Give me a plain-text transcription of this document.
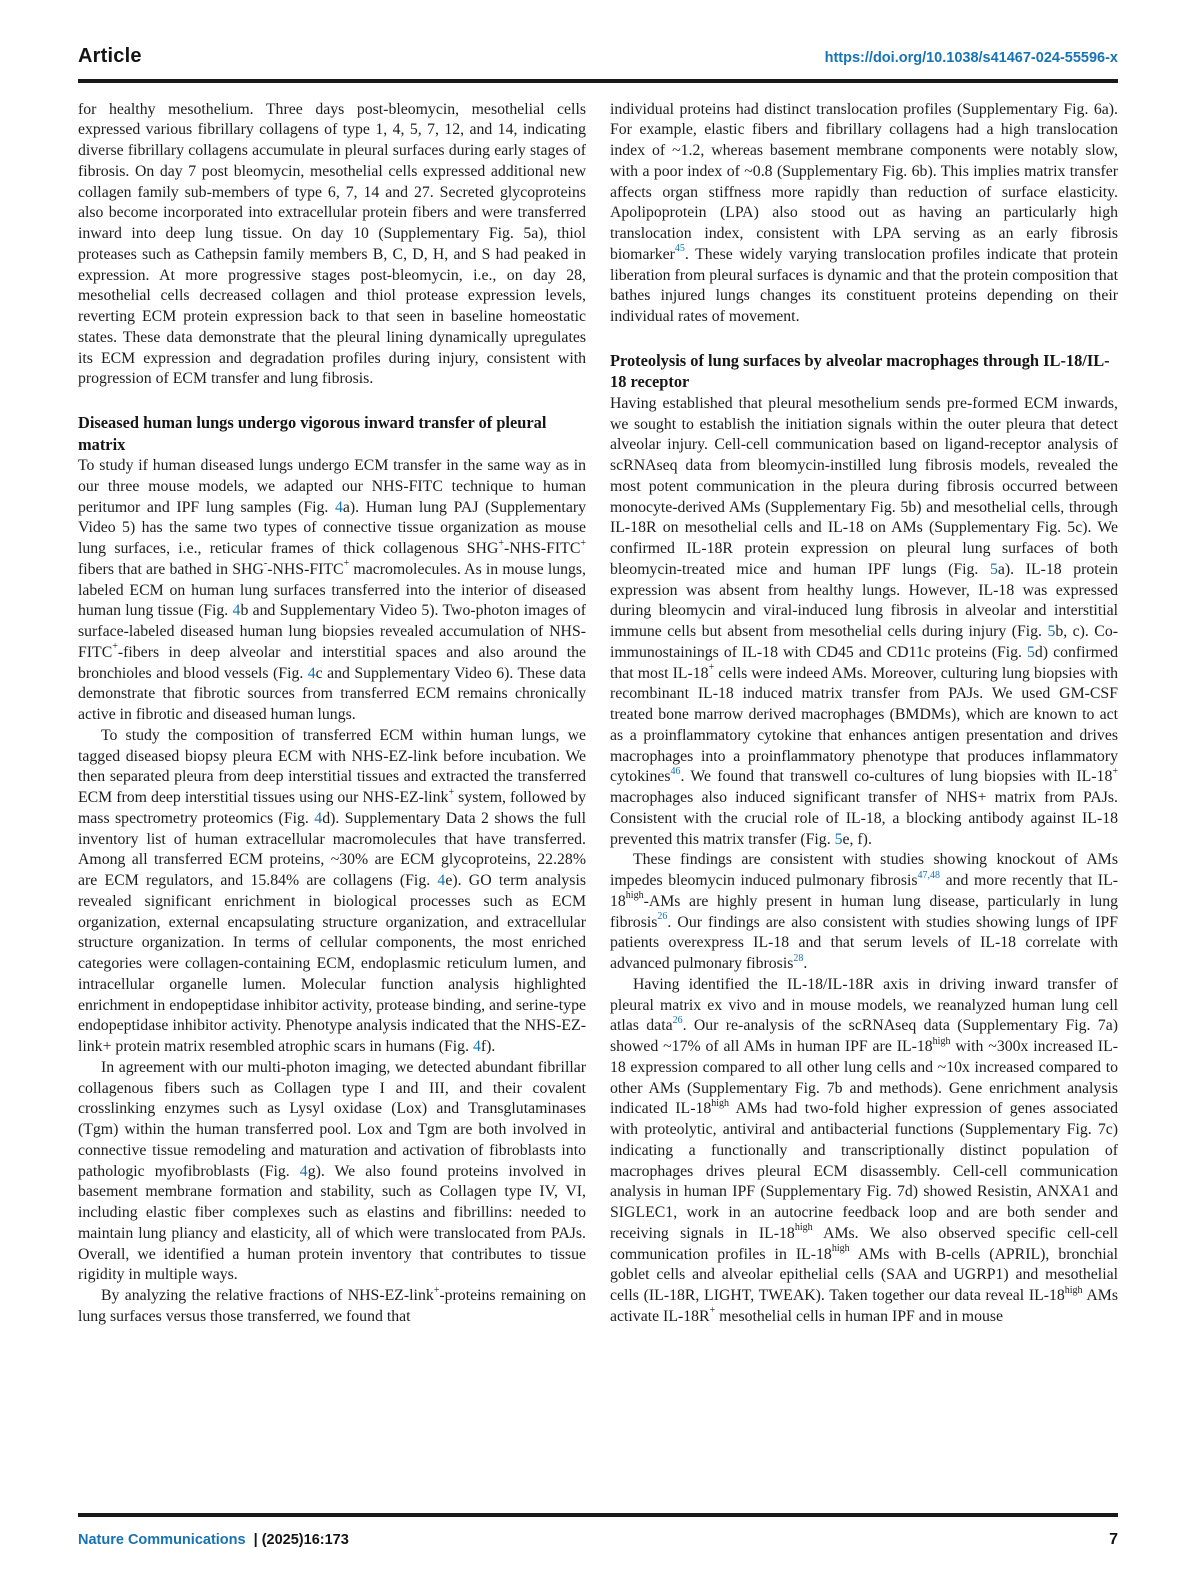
Article	https://doi.org/10.1038/s41467-024-55596-x

for healthy mesothelium. Three days post-bleomycin, mesothelial cells expressed various fibrillary collagens of type 1, 4, 5, 7, 12, and 14, indicating diverse fibrillary collagens accumulate in pleural surfaces during early stages of fibrosis. On day 7 post bleomycin, mesothelial cells expressed additional new collagen family sub-members of type 6, 7, 14 and 27. Secreted glycoproteins also become incorporated into extracellular protein fibers and were transferred inward into deep lung tissue. On day 10 (Supplementary Fig. 5a), thiol proteases such as Cathepsin family members B, C, D, H, and S had peaked in expression. At more progressive stages post-bleomycin, i.e., on day 28, mesothelial cells decreased collagen and thiol protease expression levels, reverting ECM protein expression back to that seen in baseline homeostatic states. These data demonstrate that the pleural lining dynamically upregulates its ECM expression and degradation profiles during injury, consistent with progression of ECM transfer and lung fibrosis.

Diseased human lungs undergo vigorous inward transfer of pleural matrix

To study if human diseased lungs undergo ECM transfer in the same way as in our three mouse models, we adapted our NHS-FITC technique to human peritumor and IPF lung samples (Fig. 4a). Human lung PAJ (Supplementary Video 5) has the same two types of connective tissue organization as mouse lung surfaces, i.e., reticular frames of thick collagenous SHG+-NHS-FITC+ fibers that are bathed in SHG--NHS-FITC+ macromolecules. As in mouse lungs, labeled ECM on human lung surfaces transferred into the interior of diseased human lung tissue (Fig. 4b and Supplementary Video 5). Two-photon images of surface-labeled diseased human lung biopsies revealed accumulation of NHS-FITC+-fibers in deep alveolar and interstitial spaces and also around the bronchioles and blood vessels (Fig. 4c and Supplementary Video 6). These data demonstrate that fibrotic sources from transferred ECM remains chronically active in fibrotic and diseased human lungs.

To study the composition of transferred ECM within human lungs, we tagged diseased biopsy pleura ECM with NHS-EZ-link before incubation. We then separated pleura from deep interstitial tissues and extracted the transferred ECM from deep interstitial tissues using our NHS-EZ-link+ system, followed by mass spectrometry proteomics (Fig. 4d). Supplementary Data 2 shows the full inventory list of human extracellular macromolecules that have transferred. Among all transferred ECM proteins, ~30% are ECM glycoproteins, 22.28% are ECM regulators, and 15.84% are collagens (Fig. 4e). GO term analysis revealed significant enrichment in biological processes such as ECM organization, external encapsulating structure organization, and extracellular structure organization. In terms of cellular components, the most enriched categories were collagen-containing ECM, endoplasmic reticulum lumen, and intracellular organelle lumen. Molecular function analysis highlighted enrichment in endopeptidase inhibitor activity, protease binding, and serine-type endopeptidase inhibitor activity. Phenotype analysis indicated that the NHS-EZ-link+ protein matrix resembled atrophic scars in humans (Fig. 4f).

In agreement with our multi-photon imaging, we detected abundant fibrillar collagenous fibers such as Collagen type I and III, and their covalent crosslinking enzymes such as Lysyl oxidase (Lox) and Transglutaminases (Tgm) within the human transferred pool. Lox and Tgm are both involved in connective tissue remodeling and maturation and activation of fibroblasts into pathologic myofibroblasts (Fig. 4g). We also found proteins involved in basement membrane formation and stability, such as Collagen type IV, VI, including elastic fiber complexes such as elastins and fibrillins: needed to maintain lung pliancy and elasticity, all of which were translocated from PAJs. Overall, we identified a human protein inventory that contributes to tissue rigidity in multiple ways.

By analyzing the relative fractions of NHS-EZ-link+-proteins remaining on lung surfaces versus those transferred, we found that

individual proteins had distinct translocation profiles (Supplementary Fig. 6a). For example, elastic fibers and fibrillary collagens had a high translocation index of ~1.2, whereas basement membrane components were notably slow, with a poor index of ~0.8 (Supplementary Fig. 6b). This implies matrix transfer affects organ stiffness more rapidly than reduction of surface elasticity. Apolipoprotein (LPA) also stood out as having an particularly high translocation index, consistent with LPA serving as an early fibrosis biomarker$^{45}$. These widely varying translocation profiles indicate that protein liberation from pleural surfaces is dynamic and that the protein composition that bathes injured lungs changes its constituent proteins depending on their individual rates of movement.

Proteolysis of lung surfaces by alveolar macrophages through IL-18/IL-18 receptor

Having established that pleural mesothelium sends pre-formed ECM inwards, we sought to establish the initiation signals within the outer pleura that detect alveolar injury. Cell-cell communication based on ligand-receptor analysis of scRNAseq data from bleomycin-instilled lung fibrosis models, revealed the most potent communication in the pleura during fibrosis occurred between monocyte-derived AMs (Supplementary Fig. 5b) and mesothelial cells, through IL-18R on mesothelial cells and IL-18 on AMs (Supplementary Fig. 5c). We confirmed IL-18R protein expression on pleural lung surfaces of both bleomycin-treated mice and human IPF lungs (Fig. 5a). IL-18 protein expression was absent from healthy lungs. However, IL-18 was expressed during bleomycin and viral-induced lung fibrosis in alveolar and interstitial immune cells but absent from mesothelial cells during injury (Fig. 5b, c). Co-immunostainings of IL-18 with CD45 and CD11c proteins (Fig. 5d) confirmed that most IL-18+ cells were indeed AMs. Moreover, culturing lung biopsies with recombinant IL-18 induced matrix transfer from PAJs. We used GM-CSF treated bone marrow derived macrophages (BMDMs), which are known to act as a proinflammatory cytokine that enhances antigen presentation and drives macrophages into a proinflammatory phenotype that produces inflammatory cytokines$^{46}$. We found that transwell co-cultures of lung biopsies with IL-18+ macrophages also induced significant transfer of NHS+ matrix from PAJs. Consistent with the crucial role of IL-18, a blocking antibody against IL-18 prevented this matrix transfer (Fig. 5e, f).

These findings are consistent with studies showing knockout of AMs impedes bleomycin induced pulmonary fibrosis$^{47,48}$ and more recently that $IL-18^{high}$-AMs are highly present in human lung disease, particularly in lung fibrosis$^{26}$. Our findings are also consistent with studies showing lungs of IPF patients overexpress IL-18 and that serum levels of IL-18 correlate with advanced pulmonary fibrosis$^{28}$.

Having identified the IL-18/IL-18R axis in driving inward transfer of pleural matrix ex vivo and in mouse models, we reanalyzed human lung cell atlas data$^{26}$. Our re-analysis of the scRNAseq data (Supplementary Fig. 7a) showed ~17% of all AMs in human IPF are $IL-18^{high}$ with ~300x increased IL-18 expression compared to all other lung cells and ~10x increased compared to other AMs (Supplementary Fig. 7b and methods). Gene enrichment analysis indicated $IL-18^{high}$ AMs had two-fold higher expression of genes associated with proteolytic, antiviral and antibacterial functions (Supplementary Fig. 7c) indicating a functionally and transcriptionally distinct population of macrophages drives pleural ECM disassembly. Cell-cell communication analysis in human IPF (Supplementary Fig. 7d) showed Resistin, ANXA1 and SIGLEC1, work in an autocrine feedback loop and are both sender and receiving signals in $IL-18^{high}$ AMs. We also observed specific cell-cell communication profiles in $IL-18^{high}$ AMs with B-cells (APRIL), bronchial goblet cells and alveolar epithelial cells (SAA and UGRP1) and mesothelial cells (IL-18R, LIGHT, TWEAK). Taken together our data reveal $IL-18^{high}$ AMs activate IL-18R+ mesothelial cells in human IPF and in mouse

Nature Communications | (2025)16:173	7
